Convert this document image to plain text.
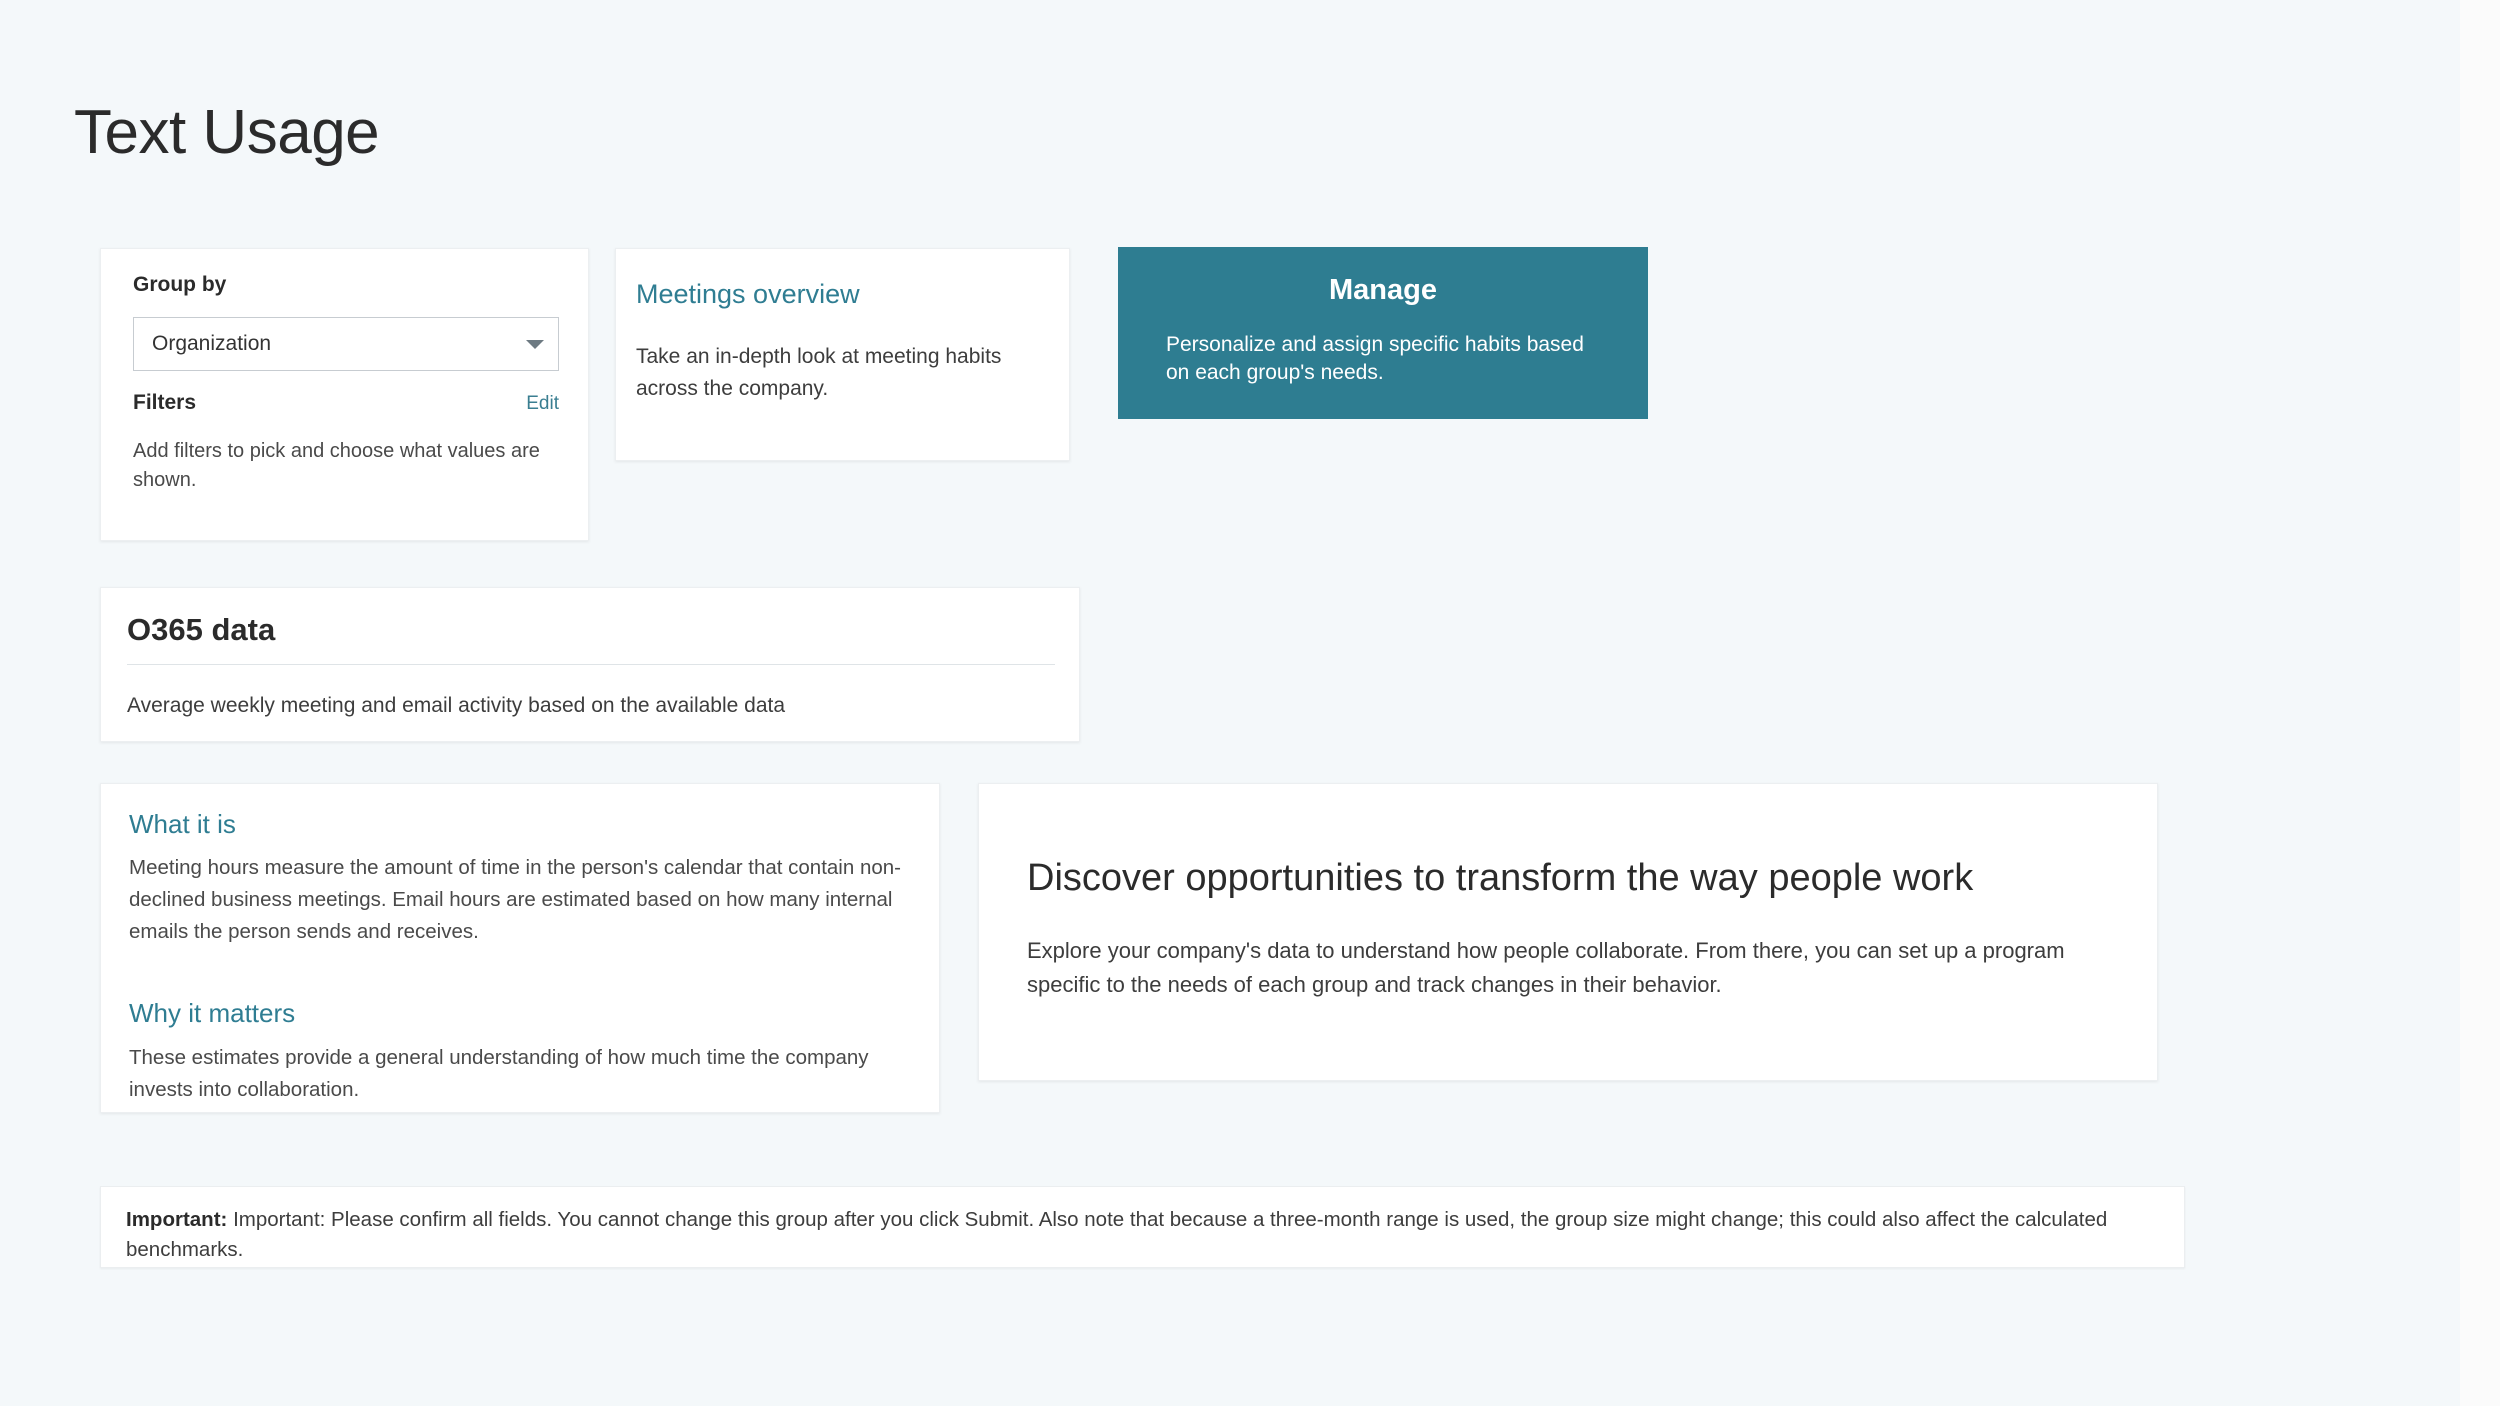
Text Usage
Group by
Organization
Filters	Edit
Add filters to pick and choose what values are shown.
Meetings overview
Take an in-depth look at meeting habits across the company.
Manage
Personalize and assign specific habits based on each group's needs.
O365 data
Average weekly meeting and email activity based on the available data
What it is
Meeting hours measure the amount of time in the person's calendar that contain non-declined business meetings. Email hours are estimated based on how many internal emails the person sends and receives.
Why it matters
These estimates provide a general understanding of how much time the company invests into collaboration.
Discover opportunities to transform the way people work
Explore your company's data to understand how people collaborate. From there, you can set up a program specific to the needs of each group and track changes in their behavior.
Important: Important: Please confirm all fields. You cannot change this group after you click Submit. Also note that because a three-month range is used, the group size might change; this could also affect the calculated benchmarks.
